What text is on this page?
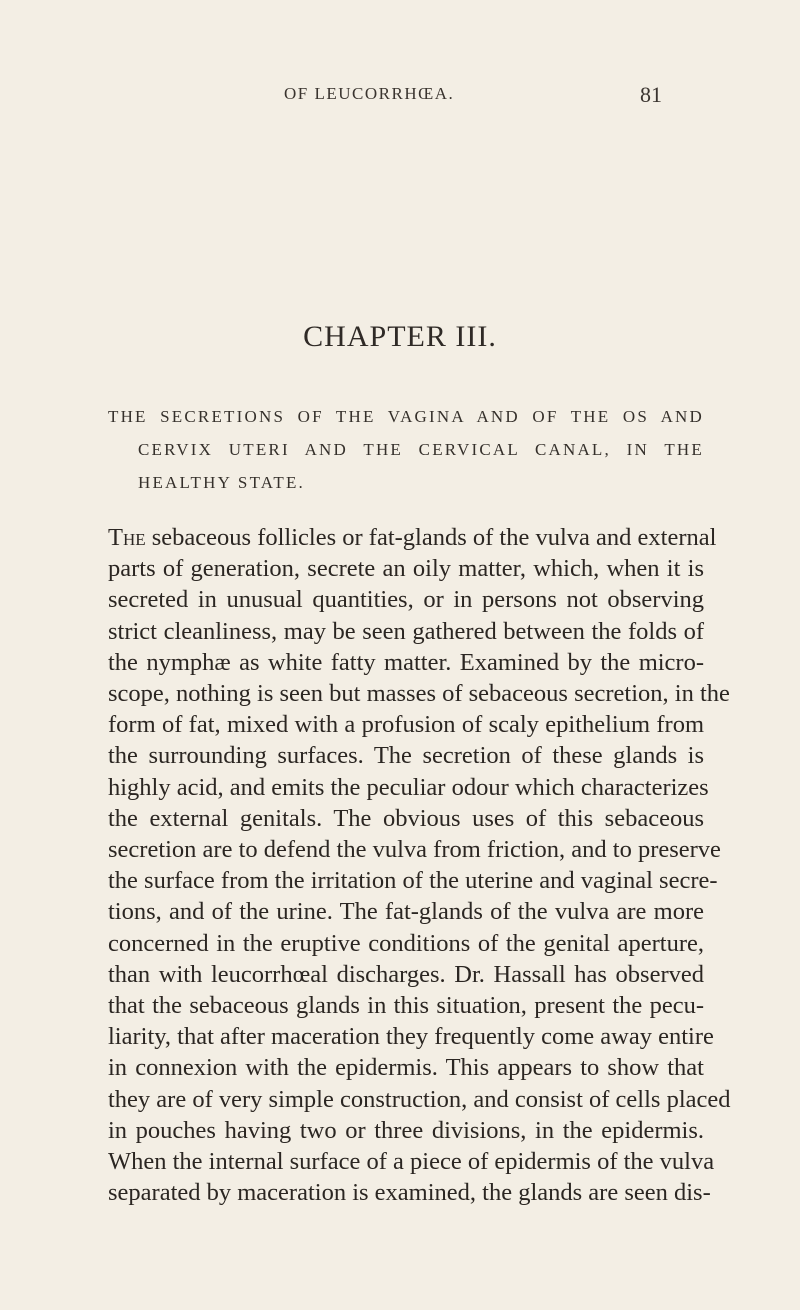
OF LEUCORRHŒA.	81
CHAPTER III.
THE SECRETIONS OF THE VAGINA AND OF THE OS AND
CERVIX UTERI AND THE CERVICAL CANAL, IN THE
HEALTHY STATE.
The sebaceous follicles or fat-glands of the vulva and external
parts of generation, secrete an oily matter, which, when it is
secreted in unusual quantities, or in persons not observing
strict cleanliness, may be seen gathered between the folds of
the nymphæ as white fatty matter. Examined by the micro-
scope, nothing is seen but masses of sebaceous secretion, in the
form of fat, mixed with a profusion of scaly epithelium from
the surrounding surfaces. The secretion of these glands is
highly acid, and emits the peculiar odour which characterizes
the external genitals. The obvious uses of this sebaceous
secretion are to defend the vulva from friction, and to preserve
the surface from the irritation of the uterine and vaginal secre-
tions, and of the urine. The fat-glands of the vulva are more
concerned in the eruptive conditions of the genital aperture,
than with leucorrhœal discharges. Dr. Hassall has observed
that the sebaceous glands in this situation, present the pecu-
liarity, that after maceration they frequently come away entire
in connexion with the epidermis. This appears to show that
they are of very simple construction, and consist of cells placed
in pouches having two or three divisions, in the epidermis.
When the internal surface of a piece of epidermis of the vulva
separated by maceration is examined, the glands are seen dis-
